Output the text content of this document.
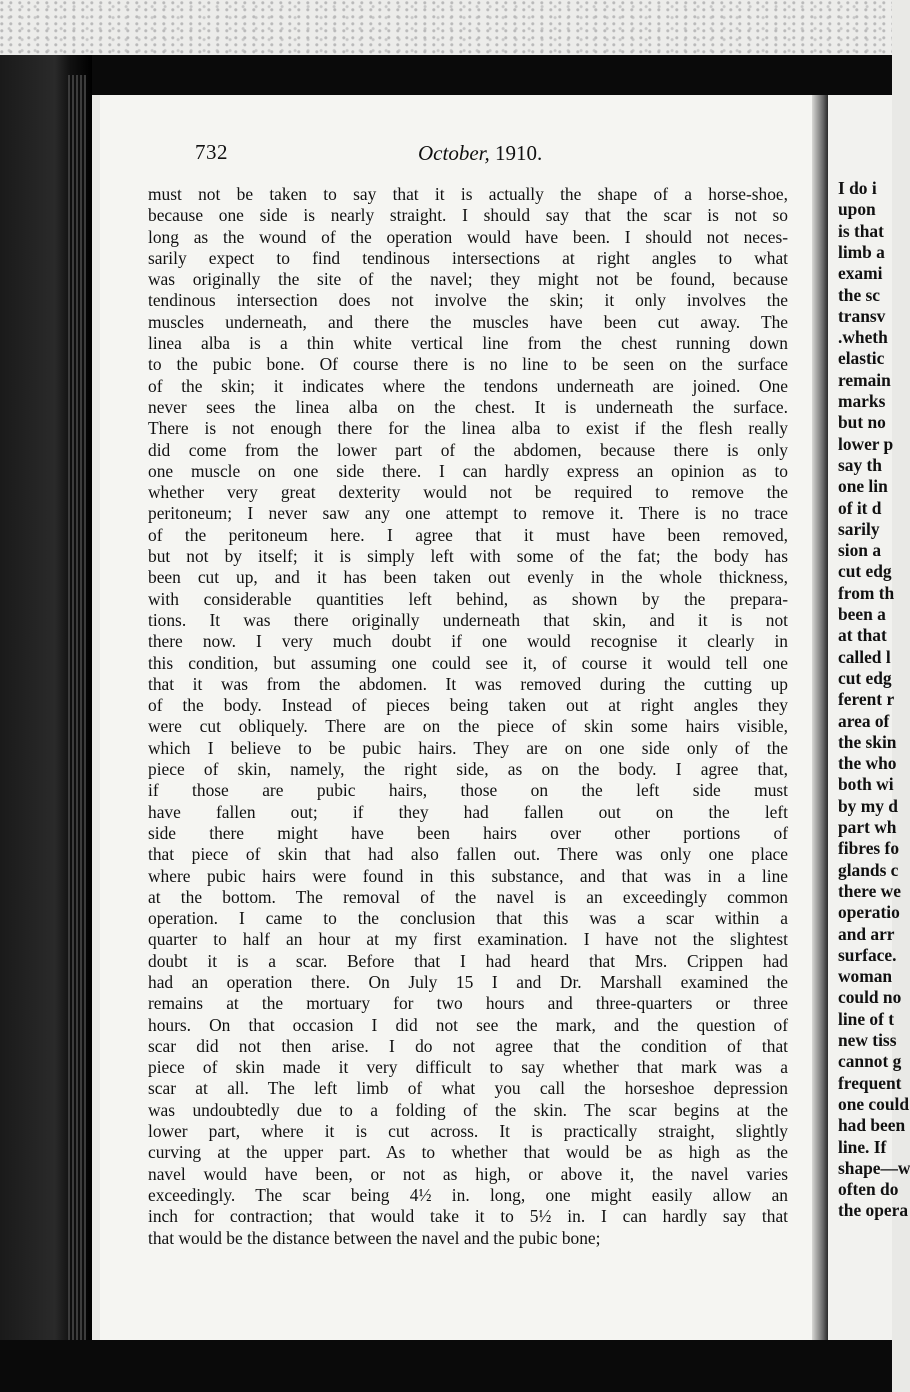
732	October, 1910.
must not be taken to say that it is actually the shape of a horse-shoe,
because one side is nearly straight. I should say that the scar is not so
long as the wound of the operation would have been. I should not neces-
sarily expect to find tendinous intersections at right angles to what
was originally the site of the navel; they might not be found, because
tendinous intersection does not involve the skin; it only involves the
muscles underneath, and there the muscles have been cut away. The
linea alba is a thin white vertical line from the chest running down
to the pubic bone. Of course there is no line to be seen on the surface
of the skin; it indicates where the tendons underneath are joined. One
never sees the linea alba on the chest. It is underneath the surface.
There is not enough there for the linea alba to exist if the flesh really
did come from the lower part of the abdomen, because there is only
one muscle on one side there. I can hardly express an opinion as to
whether very great dexterity would not be required to remove the
peritoneum; I never saw any one attempt to remove it. There is no trace
of the peritoneum here. I agree that it must have been removed,
but not by itself; it is simply left with some of the fat; the body has
been cut up, and it has been taken out evenly in the whole thickness,
with considerable quantities left behind, as shown by the prepara-
tions. It was there originally underneath that skin, and it is not
there now. I very much doubt if one would recognise it clearly in
this condition, but assuming one could see it, of course it would tell one
that it was from the abdomen. It was removed during the cutting up
of the body. Instead of pieces being taken out at right angles they
were cut obliquely. There are on the piece of skin some hairs visible,
which I believe to be pubic hairs. They are on one side only of the
piece of skin, namely, the right side, as on the body. I agree that,
if those are pubic hairs, those on the left side must
have fallen out; if they had fallen out on the left
side there might have been hairs over other portions of
that piece of skin that had also fallen out. There was only one place
where pubic hairs were found in this substance, and that was in a line
at the bottom. The removal of the navel is an exceedingly common
operation. I came to the conclusion that this was a scar within a
quarter to half an hour at my first examination. I have not the slightest
doubt it is a scar. Before that I had heard that Mrs. Crippen had
had an operation there. On July 15 I and Dr. Marshall examined the
remains at the mortuary for two hours and three-quarters or three
hours. On that occasion I did not see the mark, and the question of
scar did not then arise. I do not agree that the condition of that
piece of skin made it very difficult to say whether that mark was a
scar at all. The left limb of what you call the horseshoe depression
was undoubtedly due to a folding of the skin. The scar begins at the
lower part, where it is cut across. It is practically straight, slightly
curving at the upper part. As to whether that would be as high as the
navel would have been, or not as high, or above it, the navel varies
exceedingly. The scar being 4½ in. long, one might easily allow an
inch for contraction; that would take it to 5½ in. I can hardly say that
that would be the distance between the navel and the pubic bone;
I do i
upon
is that
limb a
exami
the sc
transv
.wheth
elastic
remain
marks
but no
lower p
say th
one lin
of it d
sarily
sion a
cut edg
from th
been a
at that
called l
cut edg
ferent r
area of
the skin
the who
both wi
by my d
part wh
fibres fo
glands c
there we
operatio
and arr
surface.
woman
could no
line of t
new tiss
cannot g
frequent
one could
had been
line. If
shape—w
often do
the opera
